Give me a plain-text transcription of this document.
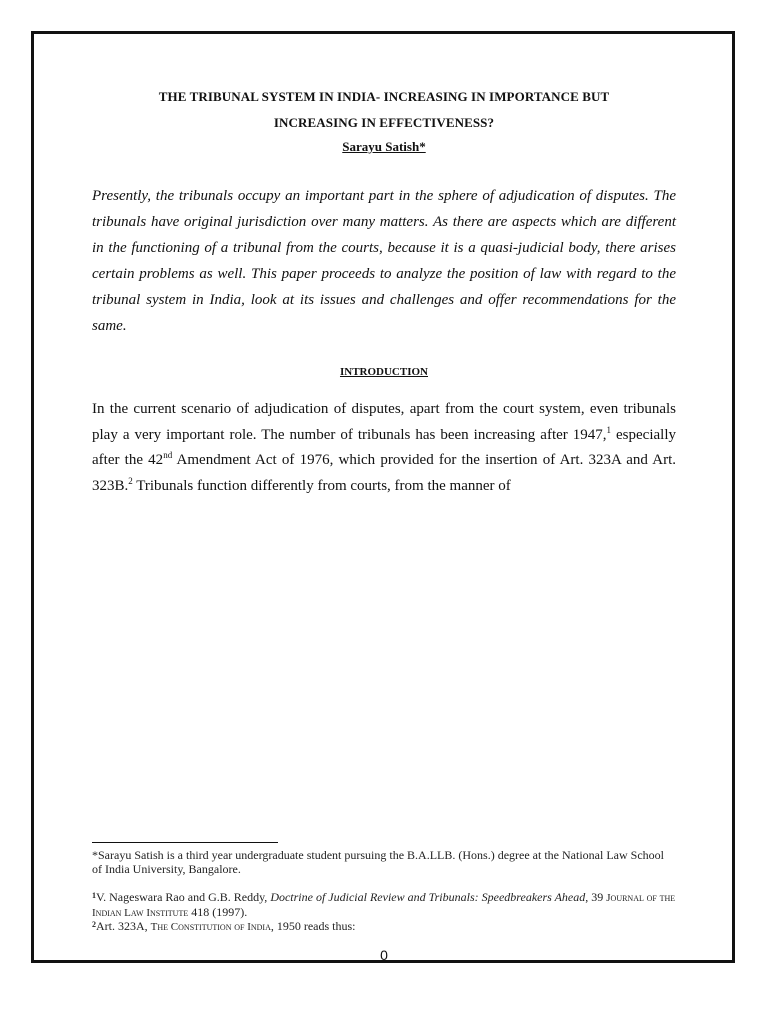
THE TRIBUNAL SYSTEM IN INDIA- INCREASING IN IMPORTANCE BUT
INCREASING IN EFFECTIVENESS?
Sarayu Satish*

Presently, the tribunals occupy an important part in the sphere of adjudication of disputes. The tribunals have original jurisdiction over many matters. As there are aspects which are different in the functioning of a tribunal from the courts, because it is a quasi-judicial body, there arises certain problems as well. This paper proceeds to analyze the position of law with regard to the tribunal system in India, look at its issues and challenges and offer recommendations for the same.

INTRODUCTION

In the current scenario of adjudication of disputes, apart from the court system, even tribunals play a very important role. The number of tribunals has been increasing after 1947,$^1$ especially after the 42nd Amendment Act of 1976, which provided for the insertion of Art. 323A and Art. 323B.$^2$ Tribunals function differently from courts, from the manner of

*Sarayu Satish is a third year undergraduate student pursuing the B.A.LLB. (Hons.) degree at the National Law School of India University, Bangalore.

$^1$V. Nageswara Rao and G.B. Reddy, Doctrine of Judicial Review and Tribunals: Speedbreakers Ahead, 39 Journal of the Indian Law Institute 418 (1997).

$^2$Art. 323A, The Constitution of India, 1950 reads thus:

0
